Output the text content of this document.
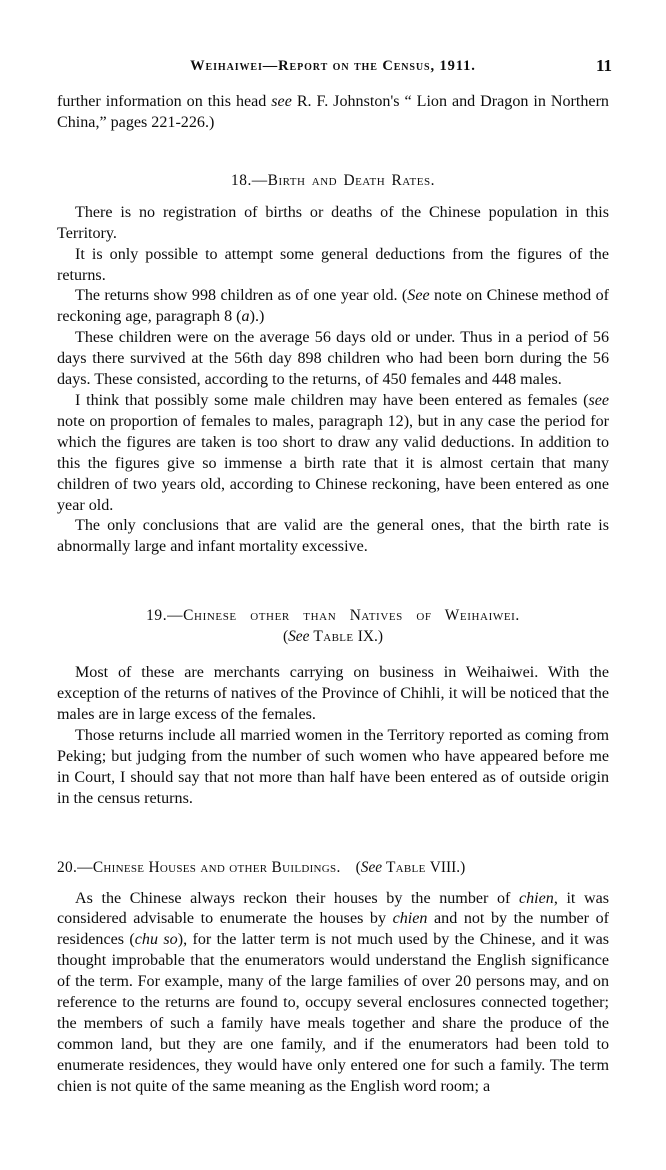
Weihaiwei—Report on the Census, 1911.	11

further information on this head see R. F. Johnston's “ Lion and Dragon in Northern China,” pages 221-226.)

18.—Birth and Death Rates.

There is no registration of births or deaths of the Chinese population in this Territory.

It is only possible to attempt some general deductions from the figures of the returns.

The returns show 998 children as of one year old. (See note on Chinese method of reckoning age, paragraph 8 (a).)

These children were on the average 56 days old or under. Thus in a period of 56 days there survived at the 56th day 898 children who had been born during the 56 days. These consisted, according to the returns, of 450 females and 448 males.

I think that possibly some male children may have been entered as females (see note on proportion of females to males, paragraph 12), but in any case the period for which the figures are taken is too short to draw any valid deductions. In addition to this the figures give so immense a birth rate that it is almost certain that many children of two years old, according to Chinese reckoning, have been entered as one year old.

The only conclusions that are valid are the general ones, that the birth rate is abnormally large and infant mortality excessive.

19.—Chinese other than Natives of Weihaiwei.

(See Table IX.)

Most of these are merchants carrying on business in Weihaiwei. With the exception of the returns of natives of the Province of Chihli, it will be noticed that the males are in large excess of the females.

Those returns include all married women in the Territory reported as coming from Peking; but judging from the number of such women who have appeared before me in Court, I should say that not more than half have been entered as of outside origin in the census returns.

20.—Chinese Houses and other Buildings. (See Table VIII.)

As the Chinese always reckon their houses by the number of chien, it was considered advisable to enumerate the houses by chien and not by the number of residences (chu so), for the latter term is not much used by the Chinese, and it was thought improbable that the enumerators would understand the English significance of the term. For example, many of the large families of over 20 persons may, and on reference to the returns are found to, occupy several enclosures connected together; the members of such a family have meals together and share the produce of the common land, but they are one family, and if the enumerators had been told to enumerate residences, they would have only entered one for such a family. The term chien is not quite of the same meaning as the English word room; a
